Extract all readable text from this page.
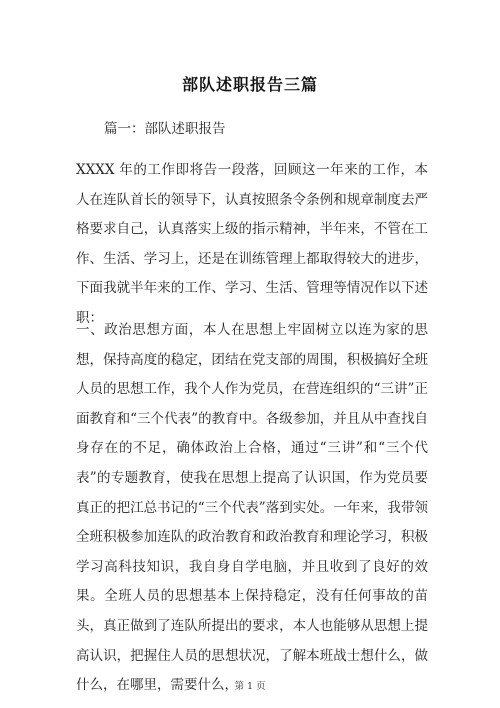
部队述职报告三篇
篇一：部队述职报告
XXXX 年的工作即将告一段落，回顾这一年来的工作，本人在连队首长的领导下，认真按照条令条例和规章制度去严格要求自己，认真落实上级的指示精神，半年来，不管在工作、生活、学习上，还是在训练管理上都取得较大的进步，下面我就半年来的工作、学习、生活、管理等情况作以下述职：
一、政治思想方面，本人在思想上牢固树立以连为家的思想，保持高度的稳定，团结在党支部的周围，积极搞好全班人员的思想工作，我个人作为党员，在营连组织的“三讲”正面教育和“三个代表”的教育中。各级参加，并且从中查找自身存在的不足，确体政治上合格，通过“三讲”和“三个代表”的专题教育，使我在思想上提高了认识国，作为党员要真正的把江总书记的“三个代表”落到实处。一年来，我带领全班积极参加连队的政治教育和政治教育和理论学习，积极学习高科技知识，我自身自学电脑，并且收到了良好的效果。全班人员的思想基本上保持稳定，没有任何事故的苗头，真正做到了连队所提出的要求，本人也能够从思想上提高认识，把握住人员的思想状况，了解本班战士想什么，做什么，在哪里，需要什么，
第 1 页
